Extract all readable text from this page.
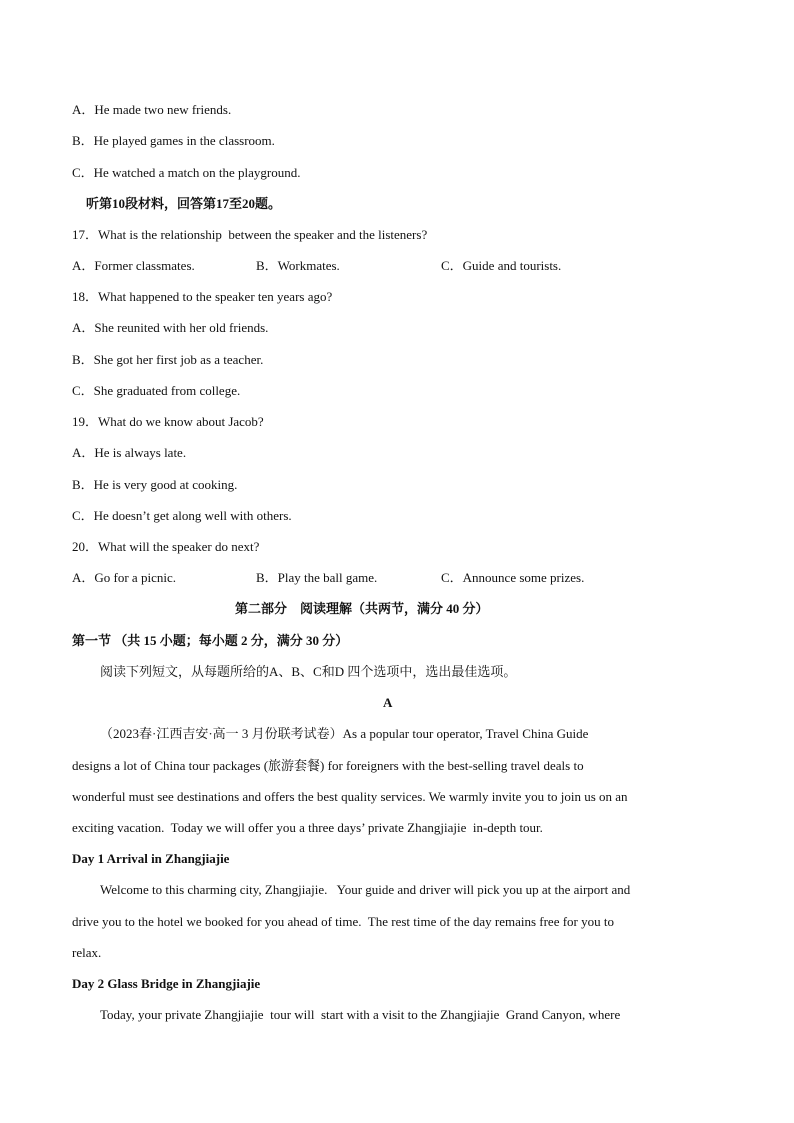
A．He made two new friends.
B．He played games in the classroom.
C．He watched a match on the playground.
听第10段材料，回答第17至20题。
17．What is the relationship  between the speaker and the listeners?
A．Former classmates.	B．Workmates.	C．Guide and tourists.
18．What happened to the speaker ten years ago?
A．She reunited with her old friends.
B．She got her first job as a teacher.
C．She graduated from college.
19．What do we know about Jacob?
A．He is always late.
B．He is very good at cooking.
C．He doesn’t get along well with others.
20．What will the speaker do next?
A．Go for a picnic.	B．Play the ball game.	C．Announce some prizes.
第二部分　阅读理解（共两节，满分 40 分）
第一节 （共 15 小题；每小题 2 分，满分 30 分）
阅读下列短文，从每题所给的A、B、C和D 四个选项中，选出最佳选项。
A
（2023春·江西吉安·高一 3 月份联考试卷）As a popular tour operator, Travel China Guide
designs a lot of China tour packages (旅游套餐) for foreigners with the best-selling travel deals to
wonderful must see destinations and offers the best quality services. We warmly invite you to join us on an
exciting vacation.  Today we will offer you a three days’ private Zhangjiajie  in-depth tour.
Day 1 Arrival in Zhangjiajie
Welcome to this charming city, Zhangjiajie.   Your guide and driver will pick you up at the airport and
drive you to the hotel we booked for you ahead of time.  The rest time of the day remains free for you to
relax.
Day 2 Glass Bridge in Zhangjiajie
Today, your private Zhangjiajie  tour will  start with a visit to the Zhangjiajie  Grand Canyon, where
